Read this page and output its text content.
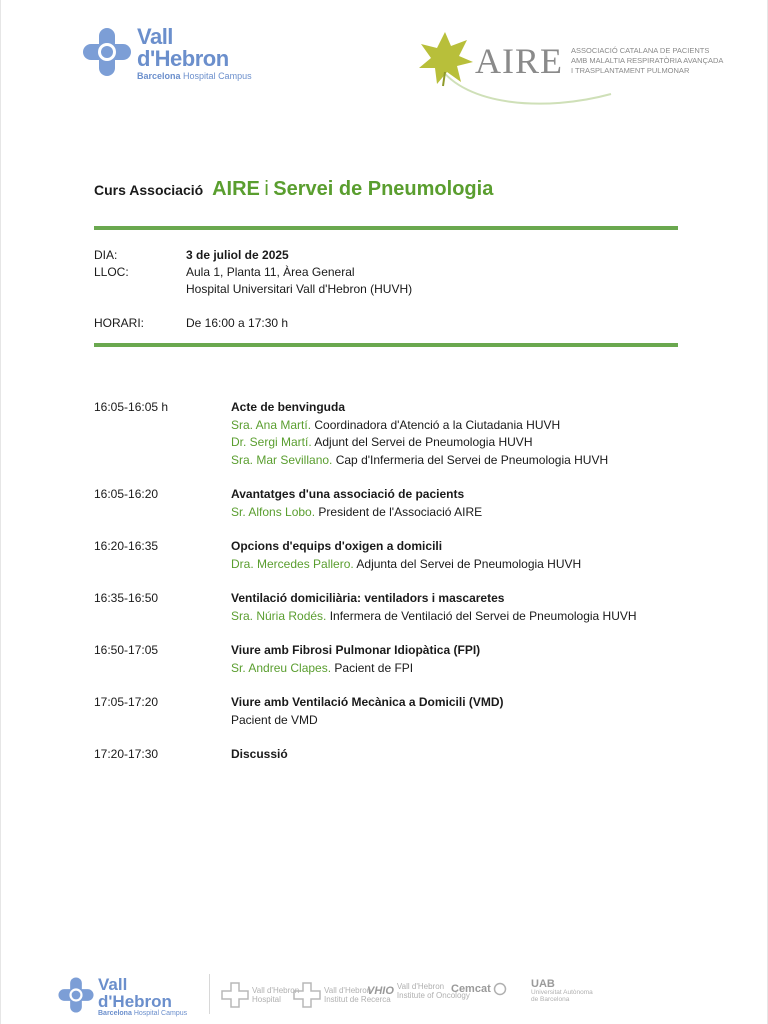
Vall
d'Hebron
Barcelona Hospital Campus	AIRE ASSOCIACIÓ CATALANA DE PACIENTS
AMB MALALTIA RESPIRATÒRIA AVANÇADA
I TRASPLANTAMENT PULMONAR
Curs Associació AIRE i Servei de Pneumologia
DIA:	3 de juliol de 2025
LLOC:	Aula 1, Planta 11, Àrea General
Hospital Universitari Vall d'Hebron (HUVH)
HORARI:	De 16:00 a 17:30 h
16:05-16:05 h	Acte de benvinguda
Sra. Ana Martí. Coordinadora d'Atenció a la Ciutadania HUVH
Dr. Sergi Martí. Adjunt del Servei de Pneumologia HUVH
Sra. Mar Sevillano. Cap d'Infermeria del Servei de Pneumologia HUVH
16:05-16:20	Avantatges d'una associació de pacients
Sr. Alfons Lobo. President de l'Associació AIRE
16:20-16:35	Opcions d'equips d'oxigen a domicili
Dra. Mercedes Pallero. Adjunta del Servei de Pneumologia HUVH
16:35-16:50	Ventilació domiciliària: ventiladors i mascaretes
Sra. Núria Rodés. Infermera de Ventilació del Servei de Pneumologia HUVH
16:50-17:05	Viure amb Fibrosi Pulmonar Idiopàtica (FPI)
Sr. Andreu Clapes. Pacient de FPI
17:05-17:20	Viure amb Ventilació Mecànica a Domicili (VMD)
Pacient de VMD
17:20-17:30	Discussió
Vall
d'Hebron
Barcelona Hospital Campus
Vall d'Hebron
Hospital
Vall d'Hebron
Institut de Recerca
VHIO Vall d'Hebron
Institute of Oncology
Cemcat	UAB
Universitat Autònoma
de Barcelona
